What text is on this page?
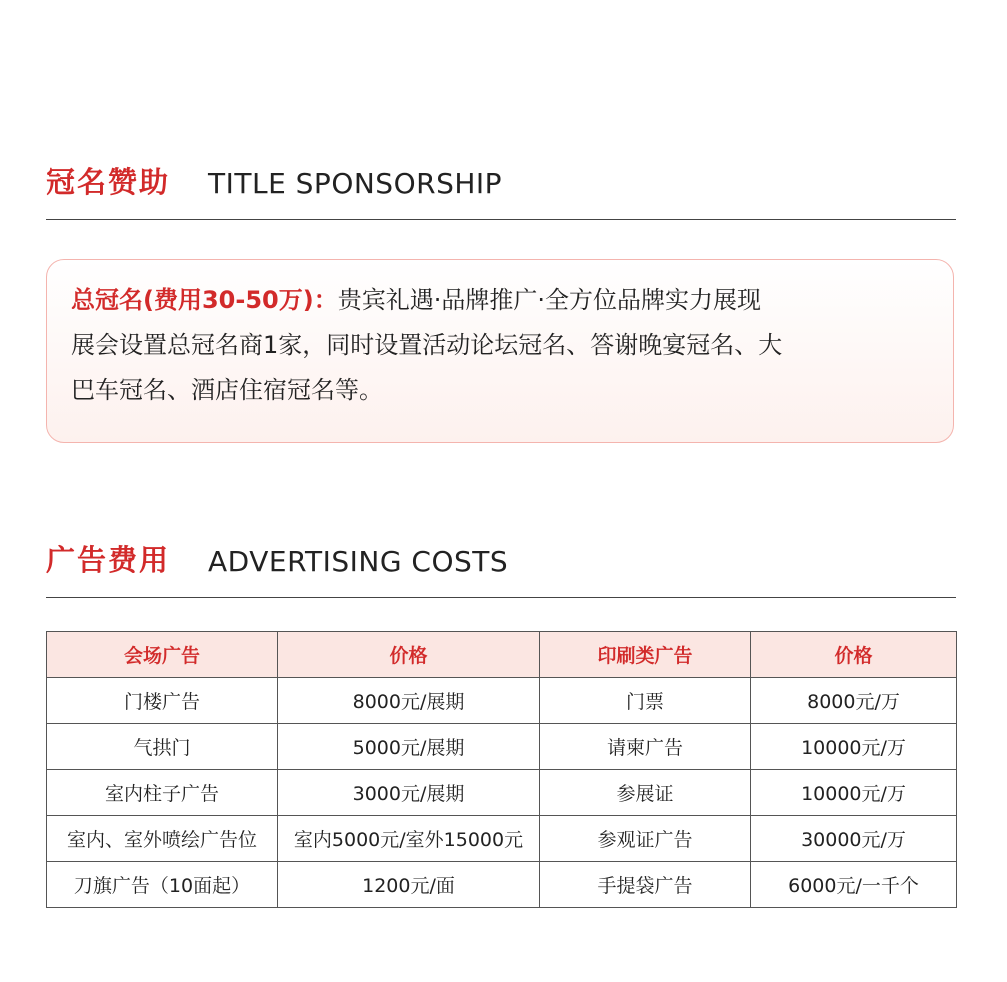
冠名赞助 TITLE SPONSORSHIP
总冠名(费用30-50万)：贵宾礼遇·品牌推广·全方位品牌实力展现
展会设置总冠名商1家，同时设置活动论坛冠名、答谢晚宴冠名、大
巴车冠名、酒店住宿冠名等。
广告费用 ADVERTISING COSTS
会场广告	价格	印刷类广告	价格
门楼广告	8000元/展期	门票	8000元/万
气拱门	5000元/展期	请柬广告	10000元/万
室内柱子广告	3000元/展期	参展证	10000元/万
室内、室外喷绘广告位	室内5000元/室外15000元	参观证广告	30000元/万
刀旗广告（10面起）	1200元/面	手提袋广告	6000元/一千个
